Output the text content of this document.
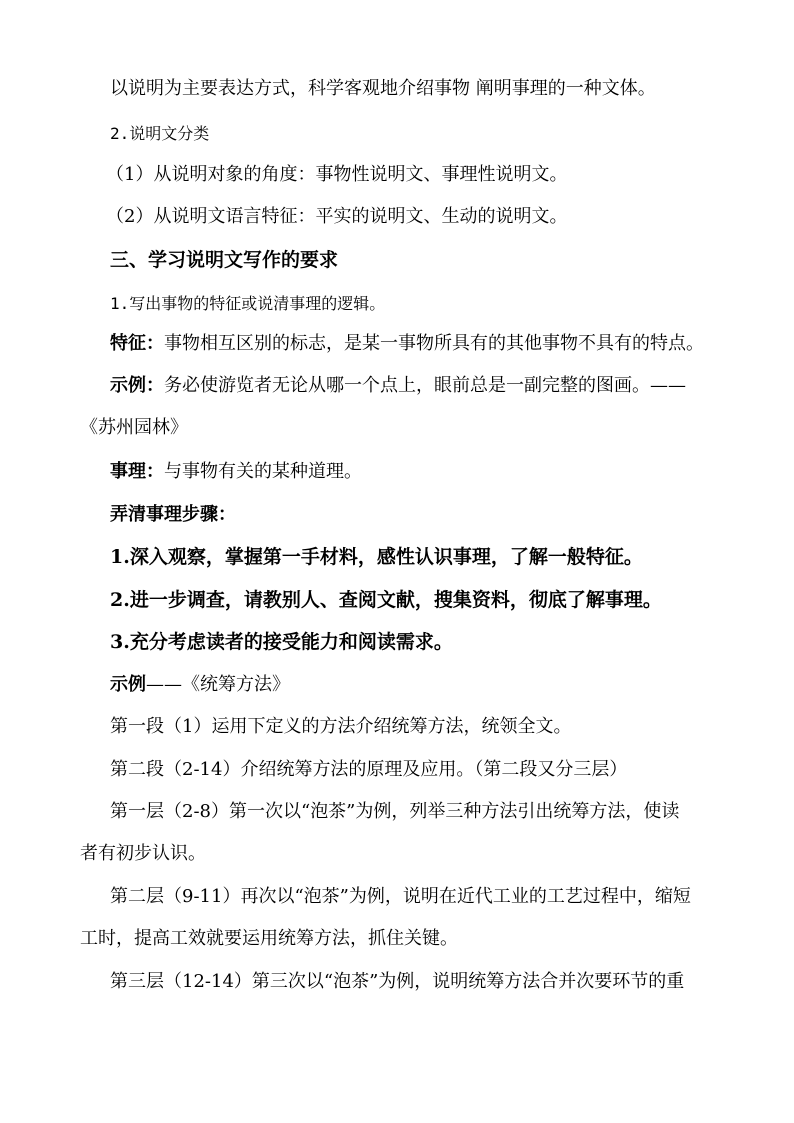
以说明为主要表达方式，科学客观地介绍事物 阐明事理的一种文体。
2.说明文分类
（1）从说明对象的角度：事物性说明文、事理性说明文。
（2）从说明文语言特征：平实的说明文、生动的说明文。
三、学习说明文写作的要求
1.写出事物的特征或说清事理的逻辑。
特征：事物相互区别的标志，是某一事物所具有的其他事物不具有的特点。
示例：务必使游览者无论从哪一个点上，眼前总是一副完整的图画。——
《苏州园林》
事理：与事物有关的某种道理。
弄清事理步骤：
1.深入观察，掌握第一手材料，感性认识事理，了解一般特征。
2.进一步调查，请教别人、查阅文献，搜集资料，彻底了解事理。
3.充分考虑读者的接受能力和阅读需求。
示例——《统筹方法》
第一段（1）运用下定义的方法介绍统筹方法，统领全文。
第二段（2-14）介绍统筹方法的原理及应用。（第二段又分三层）
第一层（2-8）第一次以“泡茶”为例，列举三种方法引出统筹方法，使读
者有初步认识。
第二层（9-11）再次以“泡茶”为例，说明在近代工业的工艺过程中，缩短
工时，提高工效就要运用统筹方法，抓住关键。
第三层（12-14）第三次以“泡茶”为例，说明统筹方法合并次要环节的重
